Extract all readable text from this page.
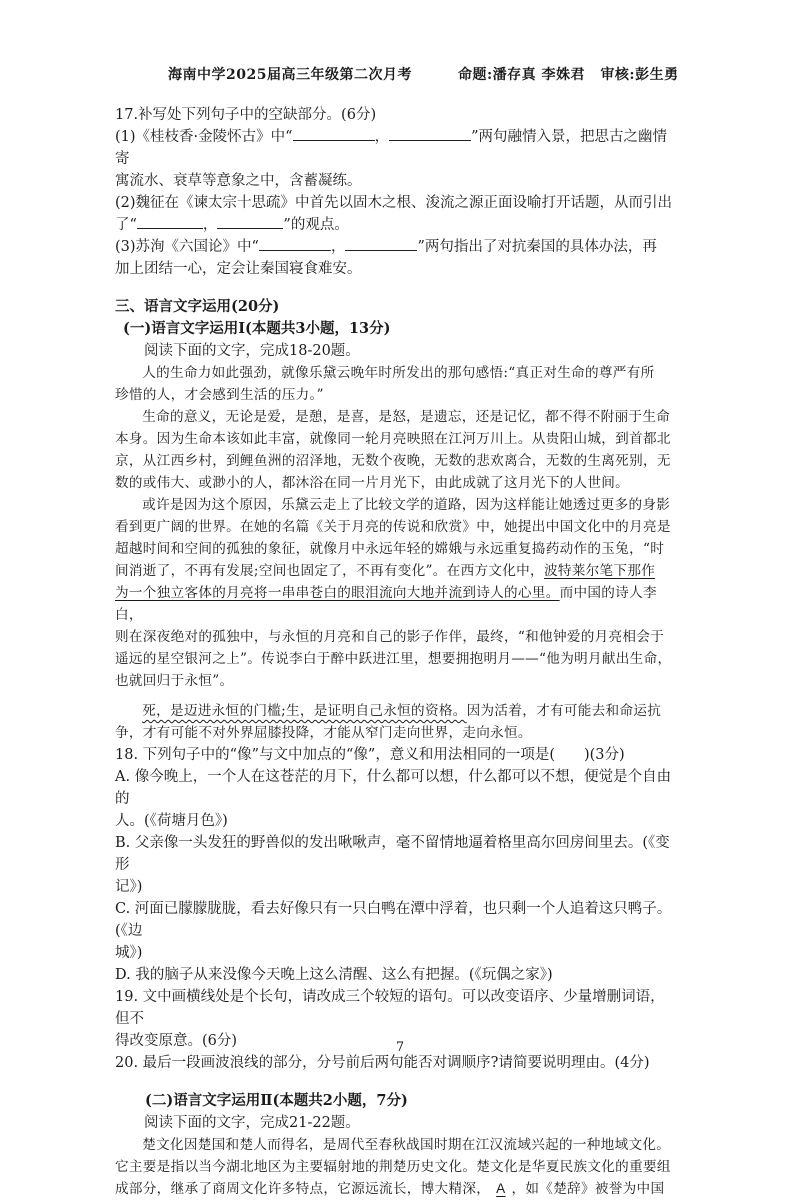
海南中学2025届高三年级第二次月考	命题:潘存真 李姝君 审核:彭生勇

17.补写处下列句子中的空缺部分。(6分)

(1)《桂枝香·金陵怀古》中“	，	”两句融情入景，把思古之幽情寄

寓流水、衰草等意象之中，含蓄凝练。

(2)魏征在《谏太宗十思疏》中首先以固木之根、浚流之源正面设喻打开话题，从而引出

了“	，	”的观点。

(3)苏洵《六国论》中“	，	”两句指出了对抗秦国的具体办法，再

加上团结一心，定会让秦国寝食难安。

三、语言文字运用(20分)

(一)语言文字运用Ⅰ(本题共3小题，13分)

阅读下面的文字，完成18-20题。

人的生命力如此强劲，就像乐黛云晚年时所发出的那句感悟:“真正对生命的尊严有所

珍惜的人，才会感到生活的压力。”

生命的意义，无论是爱，是憩，是喜，是怒，是遗忘，还是记忆，都不得不附丽于生命

本身。因为生命本该如此丰富，就像同一轮月亮映照在江河万川上。从贵阳山城，到首都北

京，从江西乡村，到鲤鱼洲的沼泽地，无数个夜晚，无数的悲欢离合，无数的生离死别，无

数的或伟大、或渺小的人，都沐浴在同一片月光下，由此成就了这月光下的人世间。

或许是因为这个原因，乐黛云走上了比较文学的道路，因为这样能让她透过更多的身影

看到更广阔的世界。在她的名篇《关于月亮的传说和欣赏》中，她提出中国文化中的月亮是

超越时间和空间的孤独的象征，就像月中永远年轻的嫦娥与永远重复捣药动作的玉兔，“时

间消逝了，不再有发展;空间也固定了，不再有变化”。在西方文化中，波特莱尔笔下那作

为一个独立客体的月亮将一串串苍白的眼泪流向大地并流到诗人的心里。而中国的诗人李白，

则在深夜绝对的孤独中，与永恒的月亮和自己的影子作伴，最终，“和他钟爱的月亮相会于

遥远的星空银河之上”。传说李白于醉中跃进江里，想要拥抱明月——“他为明月献出生命，

也就回归于永恒”。

死，是迈进永恒的门槛;生，是证明自己永恒的资格。因为活着，才有可能去和命运抗

争，才有可能不对外界屈膝投降，才能从窄门走向世界，走向永恒。

18. 下列句子中的“像”与文中加点的“像”，意义和用法相同的一项是(　　)(3分)

A. 像今晚上，一个人在这苍茫的月下，什么都可以想，什么都可以不想，便觉是个自由的

人。(《荷塘月色》)

B. 父亲像一头发狂的野兽似的发出啾啾声，毫不留情地逼着格里高尔回房间里去。(《变形

记》)

C. 河面已朦朦胧胧，看去好像只有一只白鸭在潭中浮着，也只剩一个人追着这只鸭子。(《边

城》)

D. 我的脑子从来没像今天晚上这么清醒、这么有把握。(《玩偶之家》)

19. 文中画横线处是个长句，请改成三个较短的语句。可以改变语序、少量增删词语，但不

得改变原意。(6分)

20. 最后一段画波浪线的部分，分号前后两句能否对调顺序?请简要说明理由。(4分)

(二)语言文字运用Ⅱ(本题共2小题，7分)

阅读下面的文字，完成21-22题。

楚文化因楚国和楚人而得名，是周代至春秋战国时期在江汉流域兴起的一种地域文化。

它主要是指以当今湖北地区为主要辐射地的荆楚历史文化。楚文化是华夏民族文化的重要组

成部分，继承了商周文化许多特点，它源远流长，博大精深， A ，如《楚辞》被誉为中国

7
